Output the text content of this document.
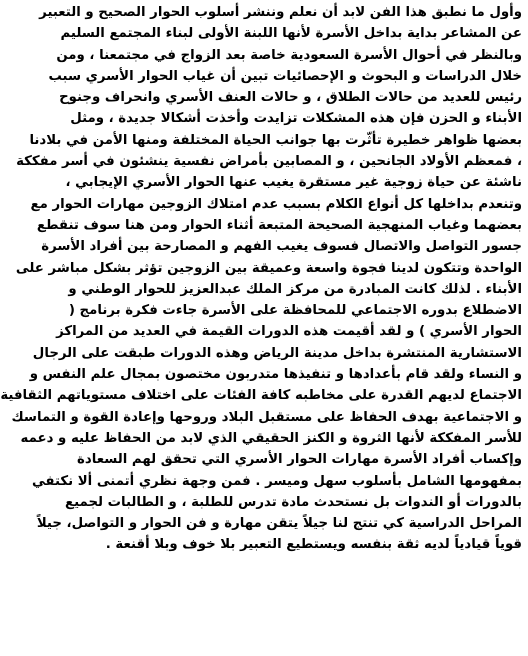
وأول ما نطبق هذا الفن لابد أن نعلم وننشر أسلوب الحوار الصحيح و التعبير
عن المشاعر بداية بداخل الأسرة لأنها اللبنة الأولى لبناء المجتمع السليم
وبالنظر في أحوال الأسرة السعودية خاصة بعد الزواج في مجتمعنا ، ومن
خلال الدراسات و البحوث و الإحصائيات تبين أن غياب الحوار الأسري سبب
رئيس للعديد من حالات الطلاق ، و حالات العنف الأسري وانحراف وجنوح
الأبناء و الحزن فإن هذه المشكلات تزايدت وأخذت أشكالا جديدة ، ومثل
بعضها ظواهر خطيرة تأثّرت بها جوانب الحياة المختلفة ومنها الأمن في بلادنا
، فمعظم الأولاد الجانحين ، و المصابين بأمراض نفسية ينشئون في أسر مفككة
ناشئة عن حياة زوجية غير مستقرة يغيب عنها الحوار الأسري الإيجابي ،
وتنعدم بداخلها كل أنواع الكلام بسبب عدم امتلاك الزوجين مهارات الحوار مع
بعضهما وغياب المنهجية الصحيحة المتبعة أثناء الحوار ومن هنا سوف تنقطع
جسور التواصل والاتصال فسوف يغيب الفهم و المصارحة بين أفراد الأسرة
الواحدة وتتكون لدينا فجوة واسعة وعميقة بين الزوجين تؤثر بشكل مباشر على
الأبناء . لذلك كانت المبادرة من مركز الملك عبدالعزيز للحوار الوطني و
الاضطلاع بدوره الاجتماعي للمحافظة على الأسرة جاءت فكرة برنامج (
الحوار الأسري ) و لقد أقيمت هذه الدورات القيمة في العديد من المراكز
الاستشارية المنتشرة بداخل مدينة الرياض وهذه الدورات طبقت على الرجال
و النساء ولقد قام بأعدادها و تنفيذها متدربون مختصون بمجال علم النفس و
الاجتماع لديهم القدرة على مخاطبه كافة الفئات على اختلاف مستوياتهم الثقافية
و الاجتماعية بهدف الحفاظ على مستقبل البلاد وروحها وإعادة القوة و التماسك
للأسر المفككة لأنها الثروة و الكنز الحقيقي الذي لابد من الحفاظ عليه و دعمه
وإكساب أفراد الأسرة مهارات الحوار الأسري التي تحقق لهم السعادة
بمفهومها الشامل بأسلوب سهل وميسر . فمن وجهة نظري أتمنى ألا نكتفي
بالدورات أو الندوات بل نستحدث مادة تدرس للطلبة ، و الطالبات لجميع
المراحل الدراسية كي تنتج لنا جيلاً يتقن مهارة و فن الحوار و التواصل، جيلاً
قوياً قيادياً لديه ثقة بنفسه ويستطيع التعبير بلا خوف وبلا أقنعة .
